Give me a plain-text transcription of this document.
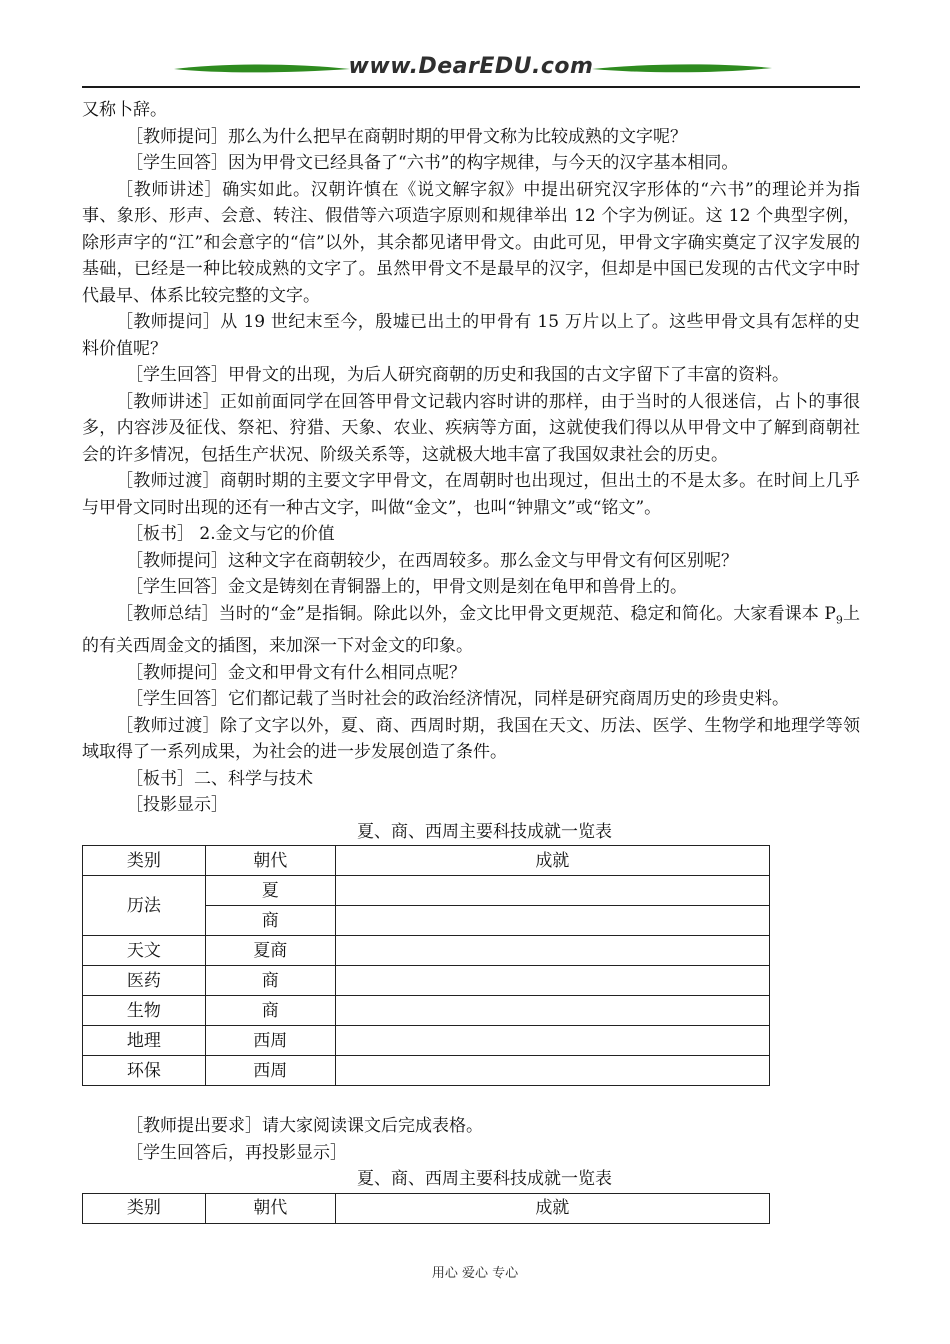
www.DearEDU.com

又称卜辞。

［教师提问］那么为什么把早在商朝时期的甲骨文称为比较成熟的文字呢？

［学生回答］因为甲骨文已经具备了“六书”的构字规律，与今天的汉字基本相同。

［教师讲述］确实如此。汉朝许慎在《说文解字叙》中提出研究汉字形体的“六书”的理论并为指事、象形、形声、会意、转注、假借等六项造字原则和规律举出 12 个字为例证。这 12 个典型字例，除形声字的“江”和会意字的“信”以外，其余都见诸甲骨文。由此可见，甲骨文字确实奠定了汉字发展的基础，已经是一种比较成熟的文字了。虽然甲骨文不是最早的汉字，但却是中国已发现的古代文字中时代最早、体系比较完整的文字。

［教师提问］从 19 世纪末至今，殷墟已出土的甲骨有 15 万片以上了。这些甲骨文具有怎样的史料价值呢？

［学生回答］甲骨文的出现，为后人研究商朝的历史和我国的古文字留下了丰富的资料。

［教师讲述］正如前面同学在回答甲骨文记载内容时讲的那样，由于当时的人很迷信，占卜的事很多，内容涉及征伐、祭祀、狩猎、天象、农业、疾病等方面，这就使我们得以从甲骨文中了解到商朝社会的许多情况，包括生产状况、阶级关系等，这就极大地丰富了我国奴隶社会的历史。

［教师过渡］商朝时期的主要文字甲骨文，在周朝时也出现过，但出土的不是太多。在时间上几乎与甲骨文同时出现的还有一种古文字，叫做“金文”，也叫“钟鼎文”或“铭文”。

［板书］ 2.金文与它的价值

［教师提问］这种文字在商朝较少，在西周较多。那么金文与甲骨文有何区别呢？

［学生回答］金文是铸刻在青铜器上的，甲骨文则是刻在龟甲和兽骨上的。

［教师总结］当时的“金”是指铜。除此以外，金文比甲骨文更规范、稳定和简化。大家看课本 $P_9$上的有关西周金文的插图，来加深一下对金文的印象。

［教师提问］金文和甲骨文有什么相同点呢？

［学生回答］它们都记载了当时社会的政治经济情况，同样是研究商周历史的珍贵史料。

［教师过渡］除了文字以外，夏、商、西周时期，我国在天文、历法、医学、生物学和地理学等领域取得了一系列成果，为社会的进一步发展创造了条件。

［板书］二、科学与技术

［投影显示］

夏、商、西周主要科技成就一览表

类别	朝代	成就
历法	夏	
	商	
天文	夏商	
医药	商	
生物	商	
地理	西周	
环保	西周	

［教师提出要求］请大家阅读课文后完成表格。

［学生回答后，再投影显示］

夏、商、西周主要科技成就一览表

类别	朝代	成就
用心 爱心 专心
